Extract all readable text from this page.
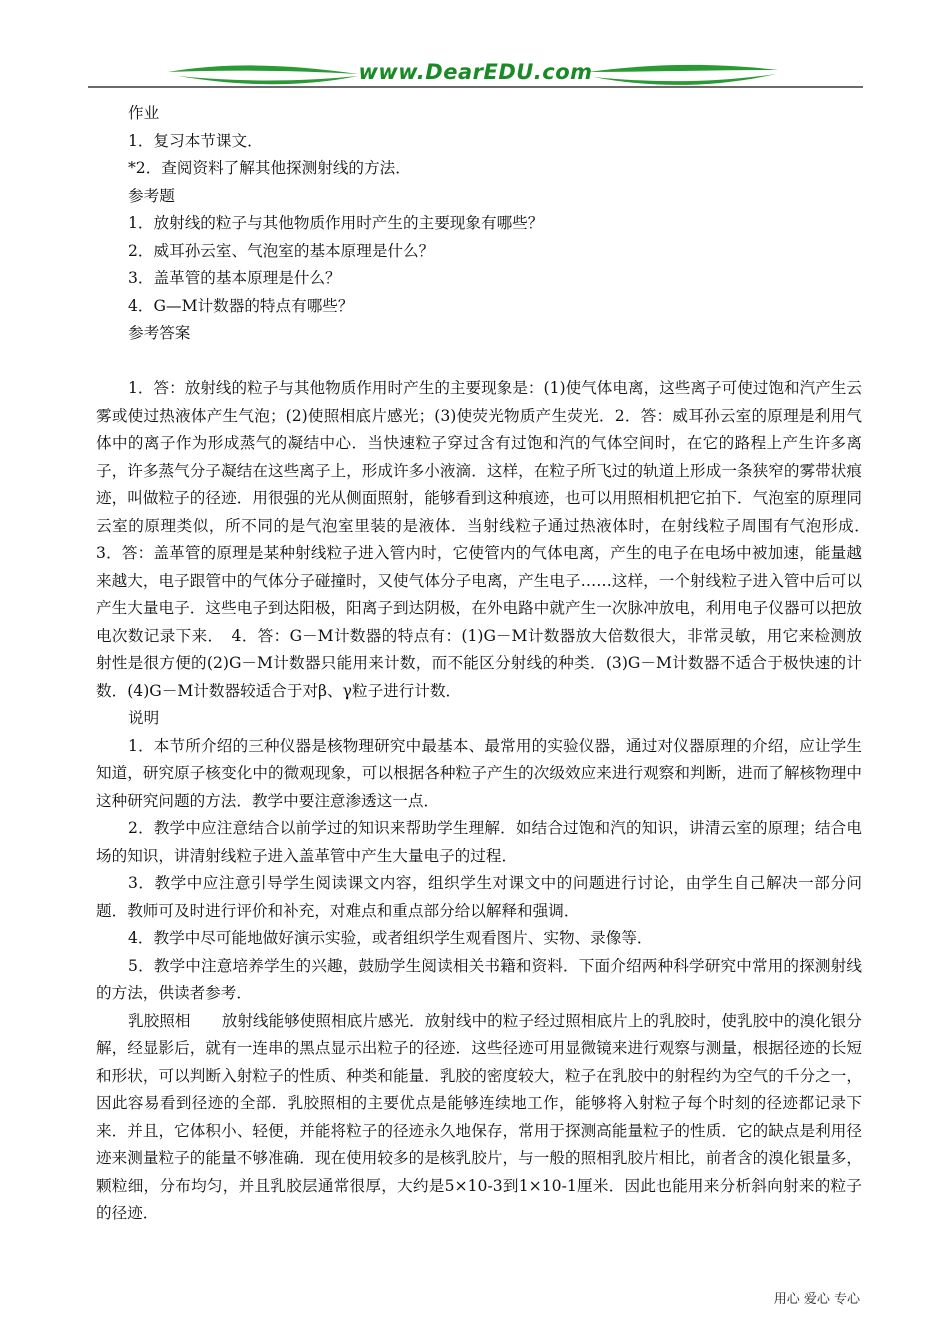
www.DearEDU.com
作业
1．复习本节课文．
*2．查阅资料了解其他探测射线的方法．
参考题
1．放射线的粒子与其他物质作用时产生的主要现象有哪些？
2．威耳孙云室、气泡室的基本原理是什么？
3．盖革管的基本原理是什么？
4．G—M计数器的特点有哪些？
参考答案
1．答：放射线的粒子与其他物质作用时产生的主要现象是：(1)使气体电离，这些离子可使过饱和汽产生云雾或使过热液体产生气泡；(2)使照相底片感光；(3)使荧光物质产生荧光．2．答：威耳孙云室的原理是利用气体中的离子作为形成蒸气的凝结中心．当快速粒子穿过含有过饱和汽的气体空间时，在它的路程上产生许多离子，许多蒸气分子凝结在这些离子上，形成许多小液滴．这样，在粒子所飞过的轨道上形成一条狭窄的雾带状痕迹，叫做粒子的径迹．用很强的光从侧面照射，能够看到这种痕迹，也可以用照相机把它拍下．气泡室的原理同云室的原理类似，所不同的是气泡室里装的是液体．当射线粒子通过热液体时，在射线粒子周围有气泡形成．　3．答：盖革管的原理是某种射线粒子进入管内时，它使管内的气体电离，产生的电子在电场中被加速，能量越来越大，电子跟管中的气体分子碰撞时，又使气体分子电离，产生电子……这样，一个射线粒子进入管中后可以产生大量电子．这些电子到达阳极，阳离子到达阴极，在外电路中就产生一次脉冲放电，利用电子仪器可以把放电次数记录下来．　4．答：G－M计数器的特点有：(1)G－M计数器放大倍数很大，非常灵敏，用它来检测放射性是很方便的(2)G－M计数器只能用来计数，而不能区分射线的种类．(3)G－M计数器不适合于极快速的计数．(4)G－M计数器较适合于对β、γ粒子进行计数．
说明
1．本节所介绍的三种仪器是核物理研究中最基本、最常用的实验仪器，通过对仪器原理的介绍，应让学生知道，研究原子核变化中的微观现象，可以根据各种粒子产生的次级效应来进行观察和判断，进而了解核物理中这种研究问题的方法．教学中要注意渗透这一点．
2．教学中应注意结合以前学过的知识来帮助学生理解．如结合过饱和汽的知识，讲清云室的原理；结合电场的知识，讲清射线粒子进入盖革管中产生大量电子的过程．
3．教学中应注意引导学生阅读课文内容，组织学生对课文中的问题进行讨论，由学生自己解决一部分问题．教师可及时进行评价和补充，对难点和重点部分给以解释和强调．
4．教学中尽可能地做好演示实验，或者组织学生观看图片、实物、录像等．
5．教学中注意培养学生的兴趣，鼓励学生阅读相关书籍和资料．下面介绍两种科学研究中常用的探测射线的方法，供读者参考．
乳胶照相　　 放射线能够使照相底片感光．放射线中的粒子经过照相底片上的乳胶时，使乳胶中的溴化银分解，经显影后，就有一连串的黑点显示出粒子的径迹．这些径迹可用显微镜来进行观察与测量，根据径迹的长短和形状，可以判断入射粒子的性质、种类和能量．乳胶的密度较大，粒子在乳胶中的射程约为空气的千分之一，因此容易看到径迹的全部．乳胶照相的主要优点是能够连续地工作，能够将入射粒子每个时刻的径迹都记录下来．并且，它体积小、轻便，并能将粒子的径迹永久地保存，常用于探测高能量粒子的性质．它的缺点是利用径迹来测量粒子的能量不够准确．现在使用较多的是核乳胶片，与一般的照相乳胶片相比，前者含的溴化银量多，颗粒细，分布均匀，并且乳胶层通常很厚，大约是5×10-3到1×10-1厘米．因此也能用来分析斜向射来的粒子的径迹．
用心 爱心 专心
